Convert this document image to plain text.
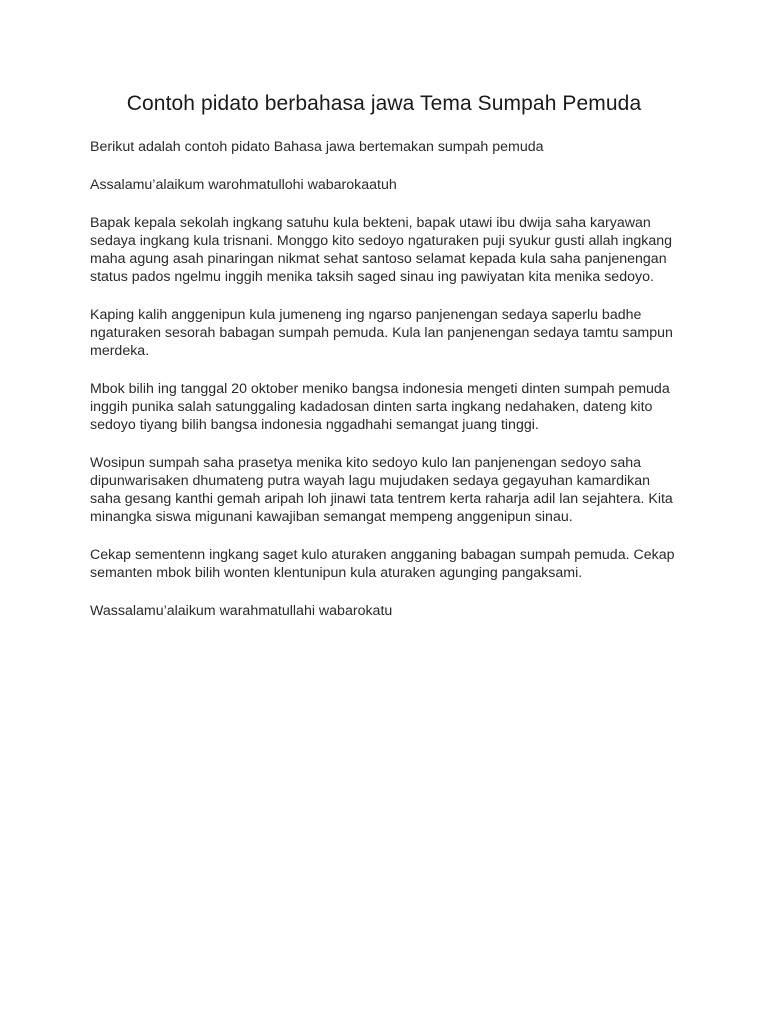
Contoh pidato berbahasa jawa Tema Sumpah Pemuda

Berikut adalah contoh pidato Bahasa jawa bertemakan sumpah pemuda

Assalamu’alaikum warohmatullohi wabarokaatuh

Bapak kepala sekolah ingkang satuhu kula bekteni, bapak utawi ibu dwija saha karyawan sedaya ingkang kula trisnani. Monggo kito sedoyo ngaturaken puji syukur gusti allah ingkang maha agung asah pinaringan nikmat sehat santoso selamat kepada kula saha panjenengan status pados ngelmu inggih menika taksih saged sinau ing pawiyatan kita menika sedoyo.

Kaping kalih anggenipun kula jumeneng ing ngarso panjenengan sedaya saperlu badhe ngaturaken sesorah babagan sumpah pemuda. Kula lan panjenengan sedaya tamtu sampun merdeka.

Mbok bilih ing tanggal 20 oktober meniko bangsa indonesia mengeti dinten sumpah pemuda inggih punika salah satunggaling kadadosan dinten sarta ingkang nedahaken, dateng kito sedoyo tiyang bilih bangsa indonesia nggadhahi semangat juang tinggi.

Wosipun sumpah saha prasetya menika kito sedoyo kulo lan panjenengan sedoyo saha dipunwarisaken dhumateng putra wayah lagu mujudaken sedaya gegayuhan kamardikan saha gesang kanthi gemah aripah loh jinawi tata tentrem kerta raharja adil lan sejahtera. Kita minangka siswa migunani kawajiban semangat mempeng anggenipun sinau.

Cekap sementenn ingkang saget kulo aturaken angganing babagan sumpah pemuda. Cekap semanten mbok bilih wonten klentunipun kula aturaken agunging pangaksami.

Wassalamu’alaikum warahmatullahi wabarokatu
